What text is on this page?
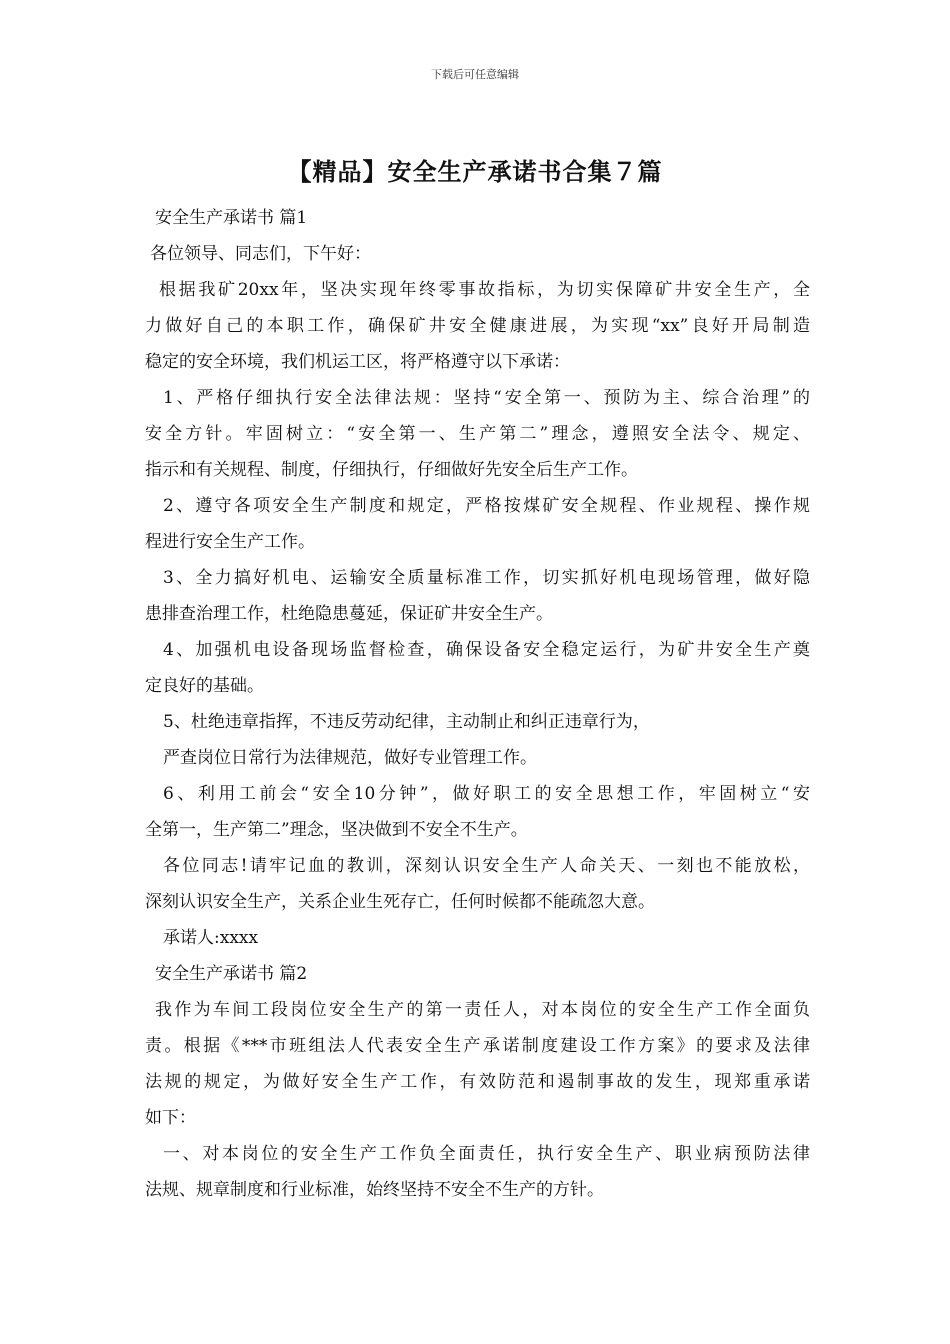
下载后可任意编辑
【精品】安全生产承诺书合集７篇
安全生产承诺书 篇1
各位领导、同志们，下午好：
根据我矿20xx年，坚决实现年终零事故指标，为切实保障矿井安全生产，全
力做好自己的本职工作，确保矿井安全健康进展，为实现“xx”良好开局制造
稳定的安全环境，我们机运工区，将严格遵守以下承诺：
1、严格仔细执行安全法律法规：坚持“安全第一、预防为主、综合治理”的
安全方针。牢固树立：“安全第一、生产第二”理念，遵照安全法令、规定、
指示和有关规程、制度，仔细执行，仔细做好先安全后生产工作。
2、遵守各项安全生产制度和规定，严格按煤矿安全规程、作业规程、操作规
程进行安全生产工作。
3、全力搞好机电、运输安全质量标准工作，切实抓好机电现场管理，做好隐
患排查治理工作，杜绝隐患蔓延，保证矿井安全生产。
4、加强机电设备现场监督检查，确保设备安全稳定运行，为矿井安全生产奠
定良好的基础。
5、杜绝违章指挥，不违反劳动纪律，主动制止和纠正违章行为，
严查岗位日常行为法律规范，做好专业管理工作。
6、利用工前会“安全10分钟”，做好职工的安全思想工作，牢固树立“安
全第一，生产第二”理念，坚决做到不安全不生产。
各位同志!请牢记血的教训，深刻认识安全生产人命关天、一刻也不能放松，
深刻认识安全生产，关系企业生死存亡，任何时候都不能疏忽大意。
承诺人:xxxx
安全生产承诺书 篇2
我作为车间工段岗位安全生产的第一责任人，对本岗位的安全生产工作全面负
责。根据《***市班组法人代表安全生产承诺制度建设工作方案》的要求及法律
法规的规定，为做好安全生产工作，有效防范和遏制事故的发生，现郑重承诺
如下：
一、对本岗位的安全生产工作负全面责任，执行安全生产、职业病预防法律
法规、规章制度和行业标准，始终坚持不安全不生产的方针。
